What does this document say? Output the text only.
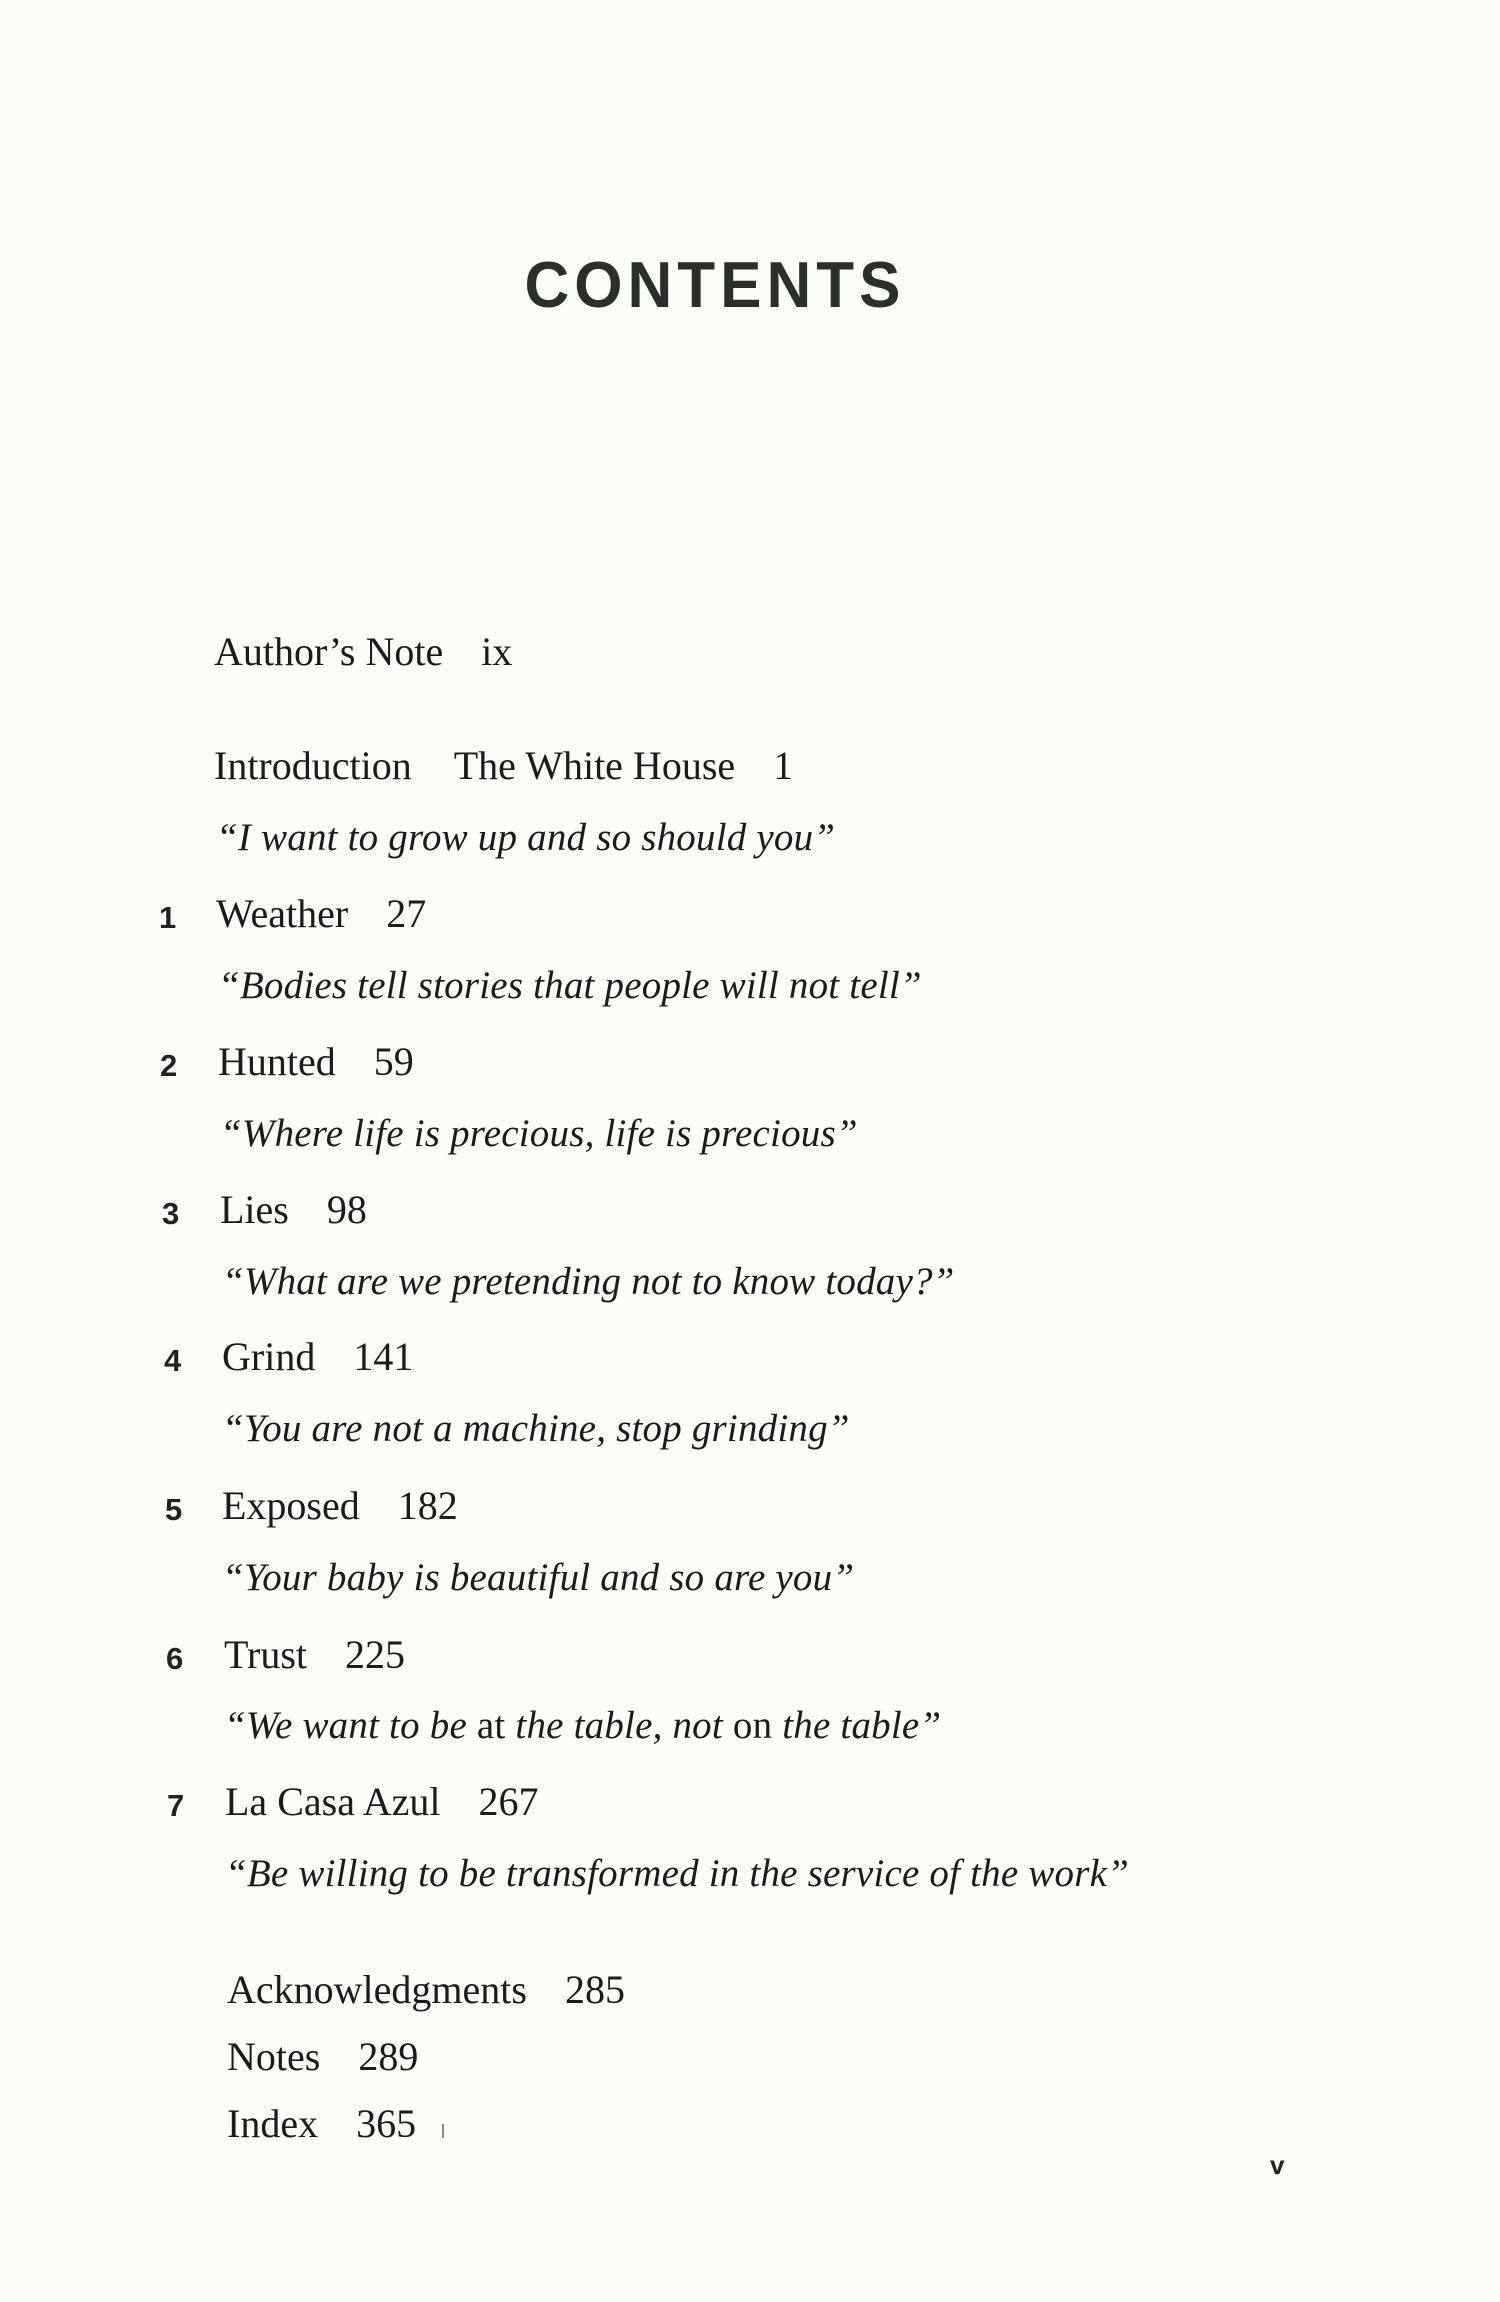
CONTENTS
Author’s Note ix
Introduction The White House 1
“I want to grow up and so should you”
1 Weather 27
“Bodies tell stories that people will not tell”
2 Hunted 59
“Where life is precious, life is precious”
3 Lies 98
“What are we pretending not to know today?”
4 Grind 141
“You are not a machine, stop grinding”
5 Exposed 182
“Your baby is beautiful and so are you”
6 Trust 225
“We want to be at the table, not on the table”
7 La Casa Azul 267
“Be willing to be transformed in the service of the work”
Acknowledgments 285
Notes 289
Index 365
v
